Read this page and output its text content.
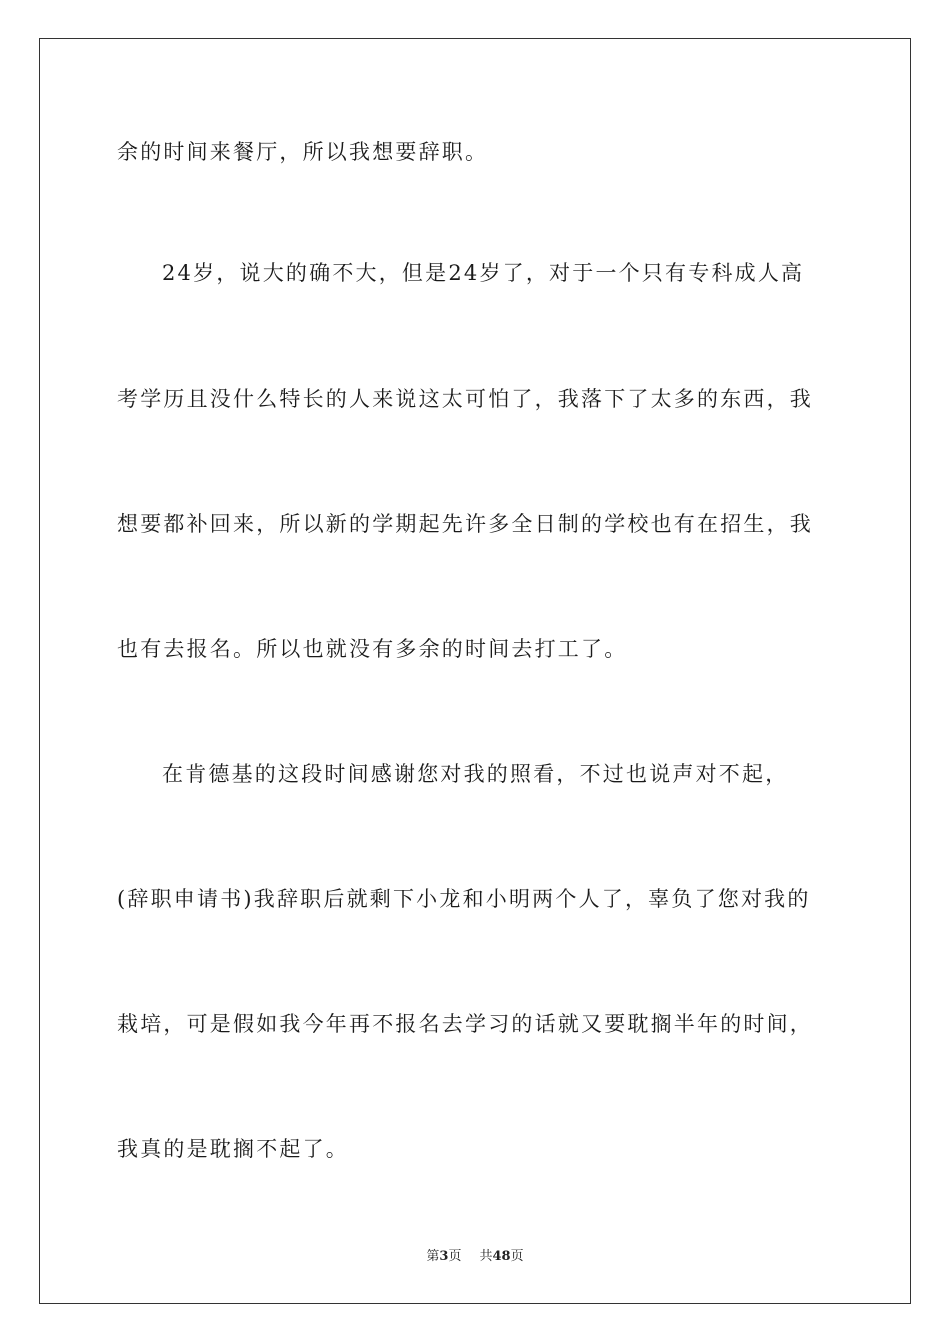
余的时间来餐厅，所以我想要辞职。
24岁，说大的确不大，但是24岁了，对于一个只有专科成人高
考学历且没什么特长的人来说这太可怕了，我落下了太多的东西，我
想要都补回来，所以新的学期起先许多全日制的学校也有在招生，我
也有去报名。所以也就没有多余的时间去打工了。
在肯德基的这段时间感谢您对我的照看，不过也说声对不起，
(辞职申请书)我辞职后就剩下小龙和小明两个人了，辜负了您对我的
栽培，可是假如我今年再不报名去学习的话就又要耽搁半年的时间，
我真的是耽搁不起了。
第3页 共48页
